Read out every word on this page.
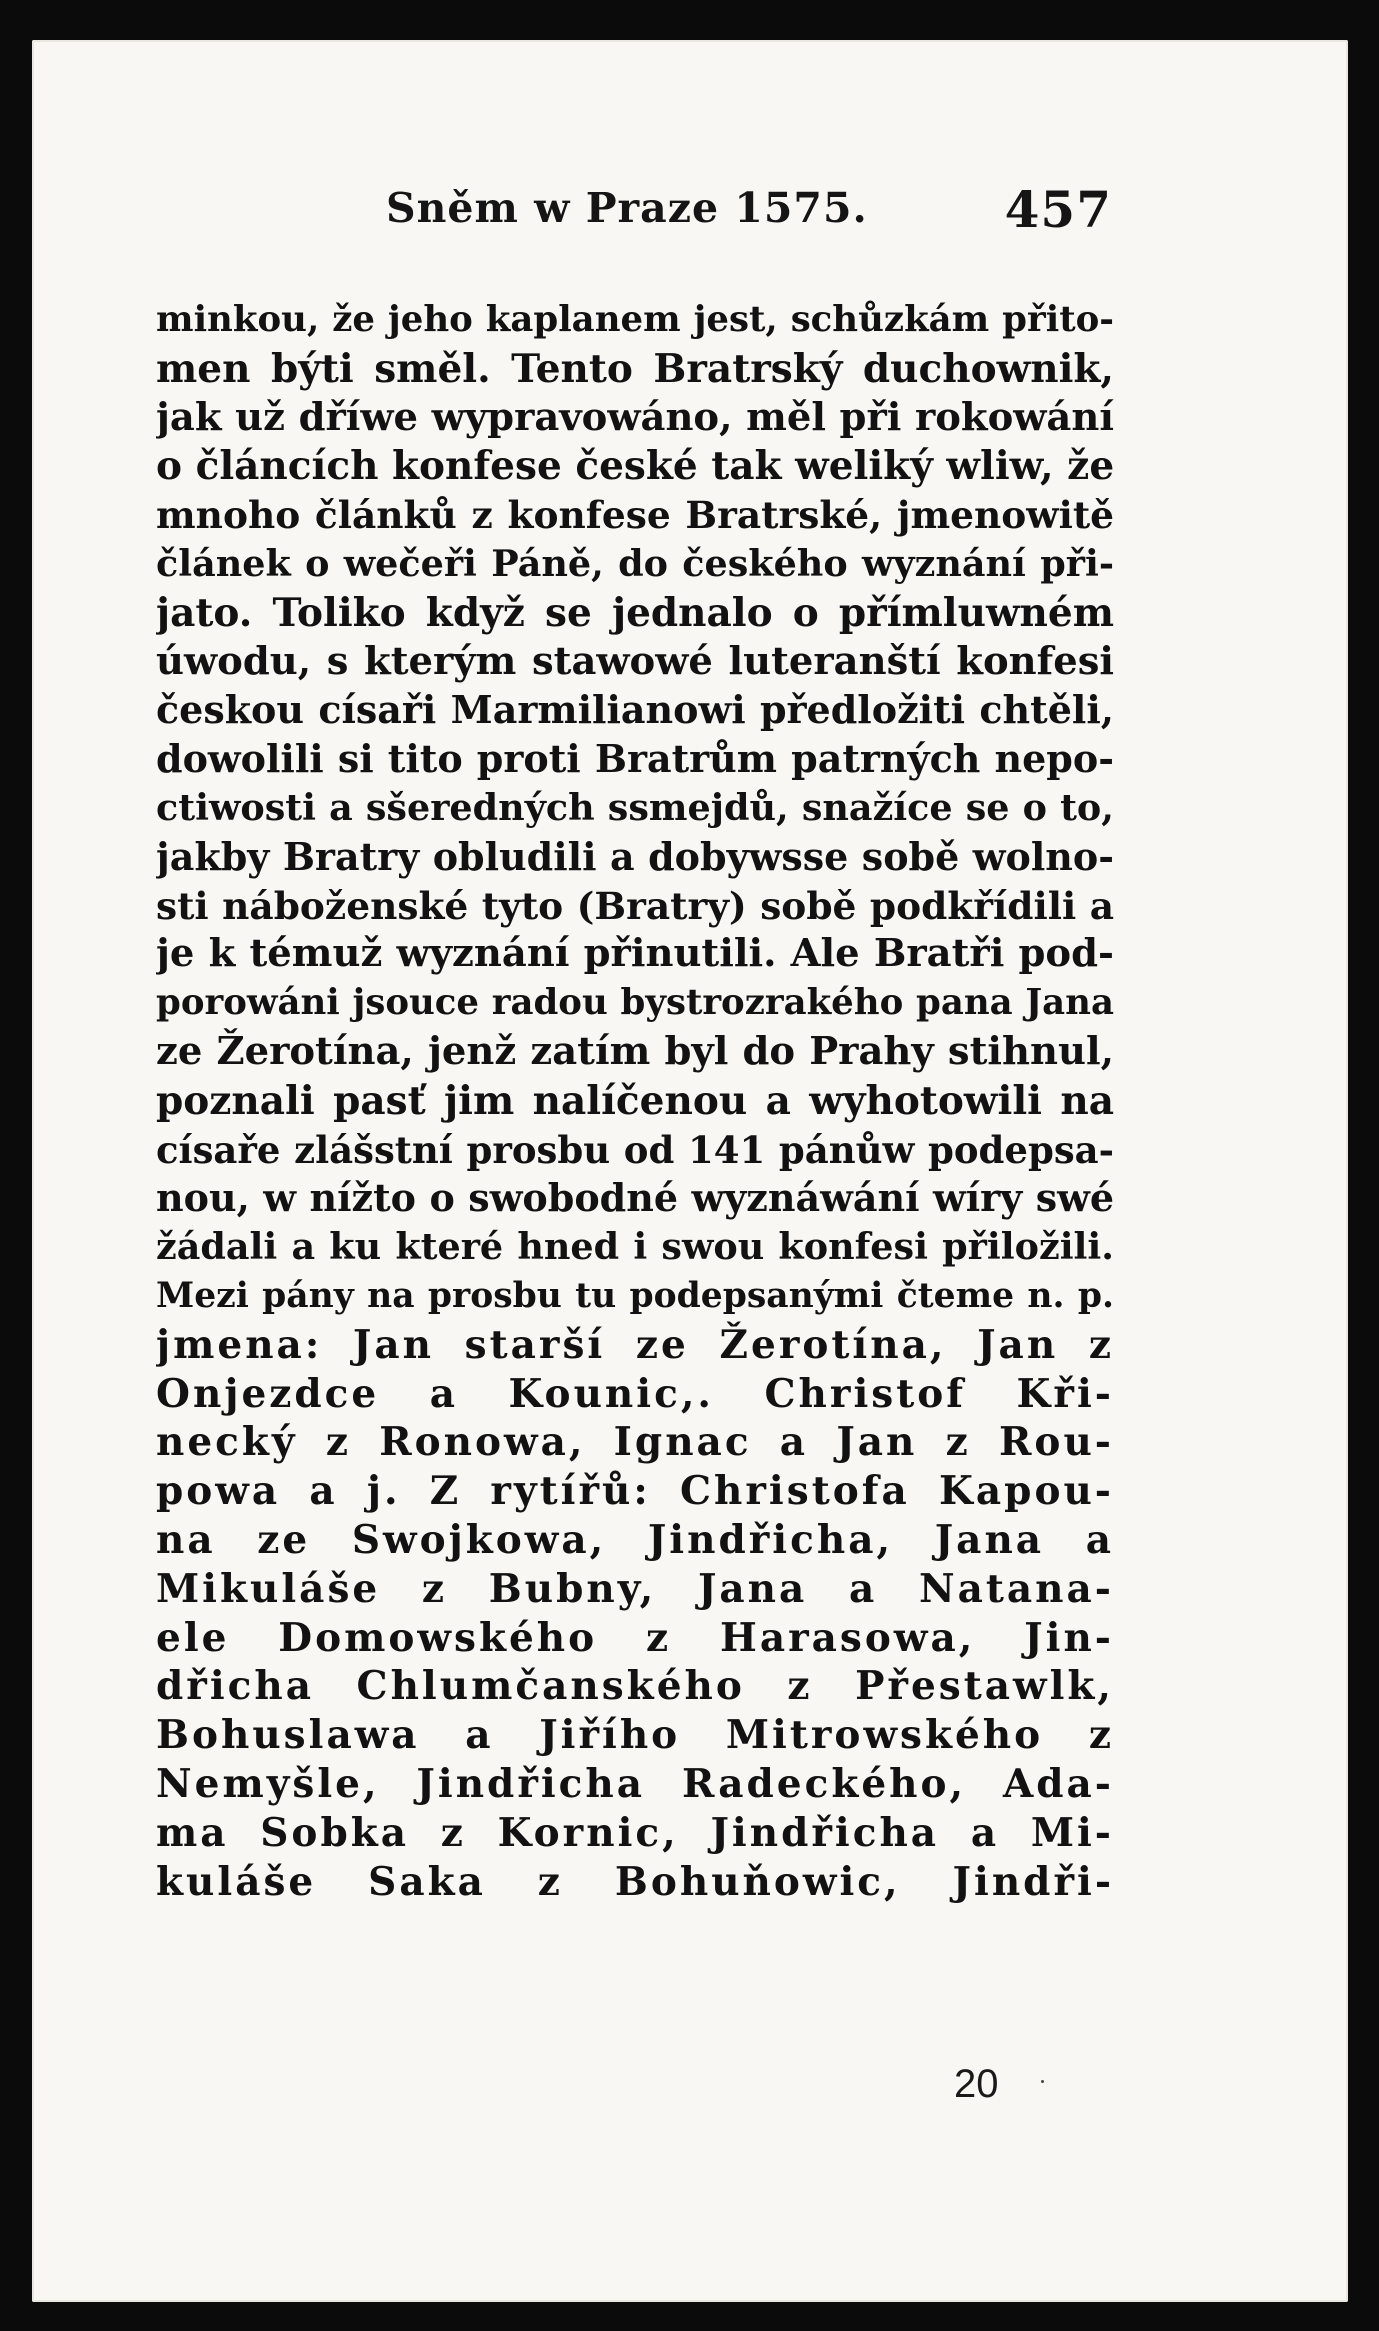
Sněm w Praze 1575.	457
minkou, že jeho kaplanem jest, schůzkám přito-
men býti směl. Tento Bratrský duchownik,
jak už dříwe wypravowáno, měl při rokowání
o článcích konfese české tak weliký wliw, že
mnoho článků z konfese Bratrské, jmenowitě
článek o wečeři Páně, do českého wyznání při-
jato. Toliko když se jednalo o přímluwném
úwodu, s kterým stawowé luteranští konfesi
českou císaři Marmilianowi předložiti chtěli,
dowolili si tito proti Bratrům patrných nepo-
ctiwosti a sšeredných ssmejdů, snažíce se o to,
jakby Bratry obludili a dobywsse sobě wolno-
sti náboženské tyto (Bratry) sobě podkřídili a
je k témuž wyznání přinutili. Ale Bratři pod-
porowáni jsouce radou bystrozrakého pana Jana
ze Žerotína, jenž zatím byl do Prahy stihnul,
poznali pasť jim nalíčenou a wyhotowili na
císaře zlášstní prosbu od 141 pánůw podepsa-
nou, w nížto o swobodné wyznáwání wíry swé
žádali a ku které hned i swou konfesi přiložili.
Mezi pány na prosbu tu podepsanými čteme n. p.
jmena: Jan starší ze Žerotína, Jan z
Onjezdce a Kounic,. Christof Kři-
necký z Ronowa, Ignac a Jan z Rou-
powa a j. Z rytířů: Christofa Kapou-
na ze Swojkowa, Jindřicha, Jana a
Mikuláše z Bubny, Jana a Natana-
ele Domowského z Harasowa, Jin-
dřicha Chlumčanského z Přestawlk,
Bohuslawa a Jiřího Mitrowského z
Nemyšle, Jindřicha Radeckého, Ada-
ma Sobka z Kornic, Jindřicha a Mi-
kuláše Saka z Bohuňowic, Jindři-
20
